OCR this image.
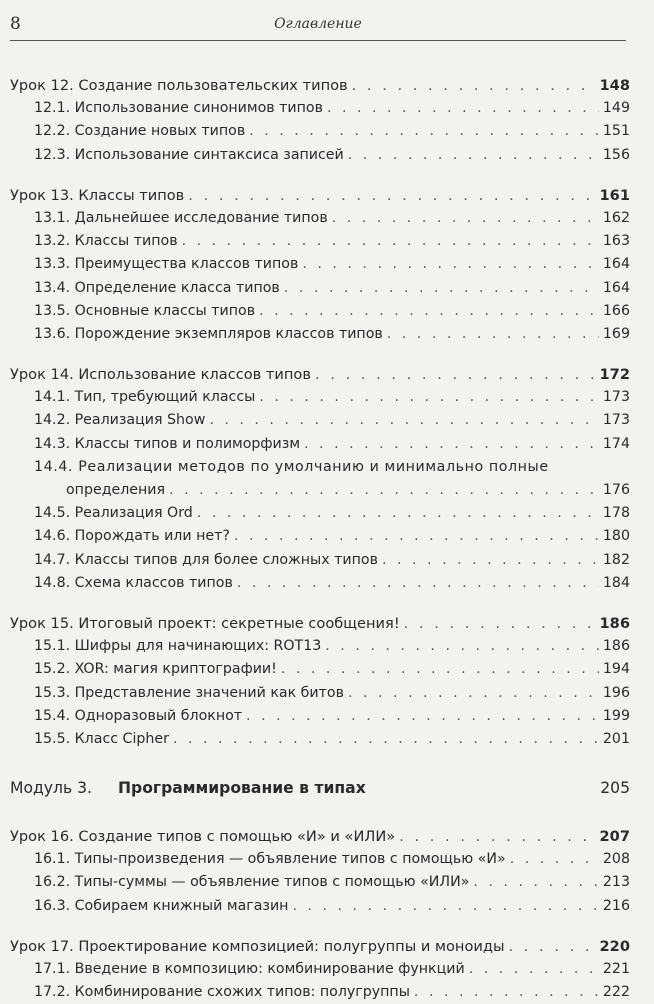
8	Оглавление
Урок 12. Создание пользовательских типов . . .	148
12.1. Использование синонимов типов . . .	149
12.2. Создание новых типов . . .	151
12.3. Использование синтаксиса записей . . .	156
Урок 13. Классы типов . . .	161
13.1. Дальнейшее исследование типов . . .	162
13.2. Классы типов . . .	163
13.3. Преимущества классов типов . . .	164
13.4. Определение класса типов . . .	164
13.5. Основные классы типов . . .	166
13.6. Порождение экземпляров классов типов . . .	169
Урок 14. Использование классов типов . . .	172
14.1. Тип, требующий классы . . .	173
14.2. Реализация Show . . .	173
14.3. Классы типов и полиморфизм . . .	174
14.4. Реализации методов по умолчанию и минимально полные
определения . . .	176
14.5. Реализация Ord . . .	178
14.6. Порождать или нет? . . .	180
14.7. Классы типов для более сложных типов . . .	182
14.8. Схема классов типов . . .	184
Урок 15. Итоговый проект: секретные сообщения! . . .	186
15.1. Шифры для начинающих: ROT13 . . .	186
15.2. XOR: магия криптографии! . . .	194
15.3. Представление значений как битов . . .	196
15.4. Одноразовый блокнот . . .	199
15.5. Класс Cipher . . .	201
Модуль 3. Программирование в типах	205
Урок 16. Создание типов с помощью «И» и «ИЛИ» . . .	207
16.1. Типы-произведения — объявление типов с помощью «И» . . .	208
16.2. Типы-суммы — объявление типов с помощью «ИЛИ» . . .	213
16.3. Собираем книжный магазин . . .	216
Урок 17. Проектирование композицией: полугруппы и моноиды . . .	220
17.1. Введение в композицию: комбинирование функций . . .	221
17.2. Комбинирование схожих типов: полугруппы . . .	222
